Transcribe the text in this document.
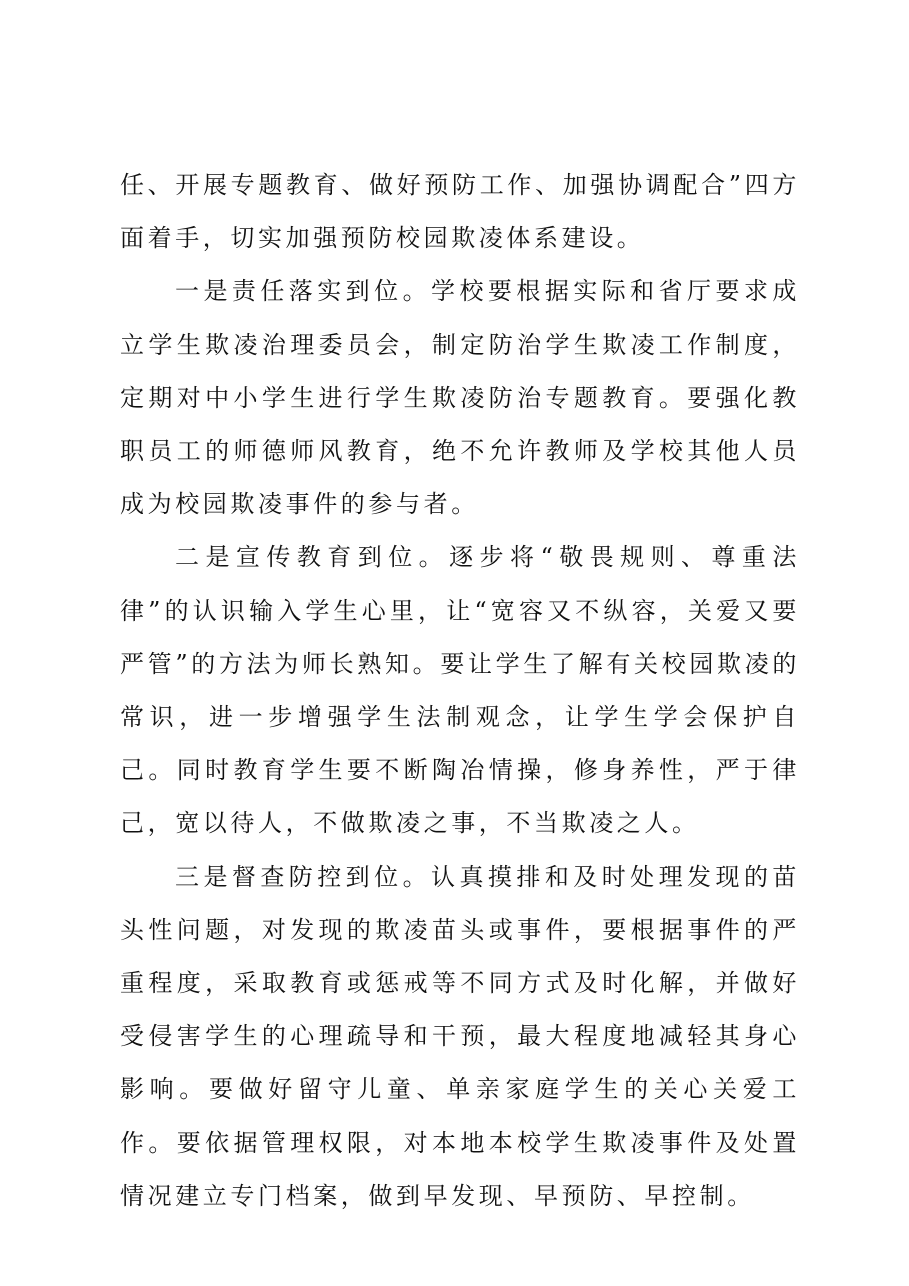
任、开展专题教育、做好预防工作、加强协调配合”四方面着手，切实加强预防校园欺凌体系建设。

一是责任落实到位。学校要根据实际和省厅要求成立学生欺凌治理委员会，制定防治学生欺凌工作制度，定期对中小学生进行学生欺凌防治专题教育。要强化教职员工的师德师风教育，绝不允许教师及学校其他人员成为校园欺凌事件的参与者。

二是宣传教育到位。逐步将“敬畏规则、尊重法律”的认识输入学生心里，让“宽容又不纵容，关爱又要严管”的方法为师长熟知。要让学生了解有关校园欺凌的常识，进一步增强学生法制观念，让学生学会保护自己。同时教育学生要不断陶冶情操，修身养性，严于律己，宽以待人，不做欺凌之事，不当欺凌之人。

三是督查防控到位。认真摸排和及时处理发现的苗头性问题，对发现的欺凌苗头或事件，要根据事件的严重程度，采取教育或惩戒等不同方式及时化解，并做好受侵害学生的心理疏导和干预，最大程度地减轻其身心影响。要做好留守儿童、单亲家庭学生的关心关爱工作。要依据管理权限，对本地本校学生欺凌事件及处置情况建立专门档案，做到早发现、早预防、早控制。
